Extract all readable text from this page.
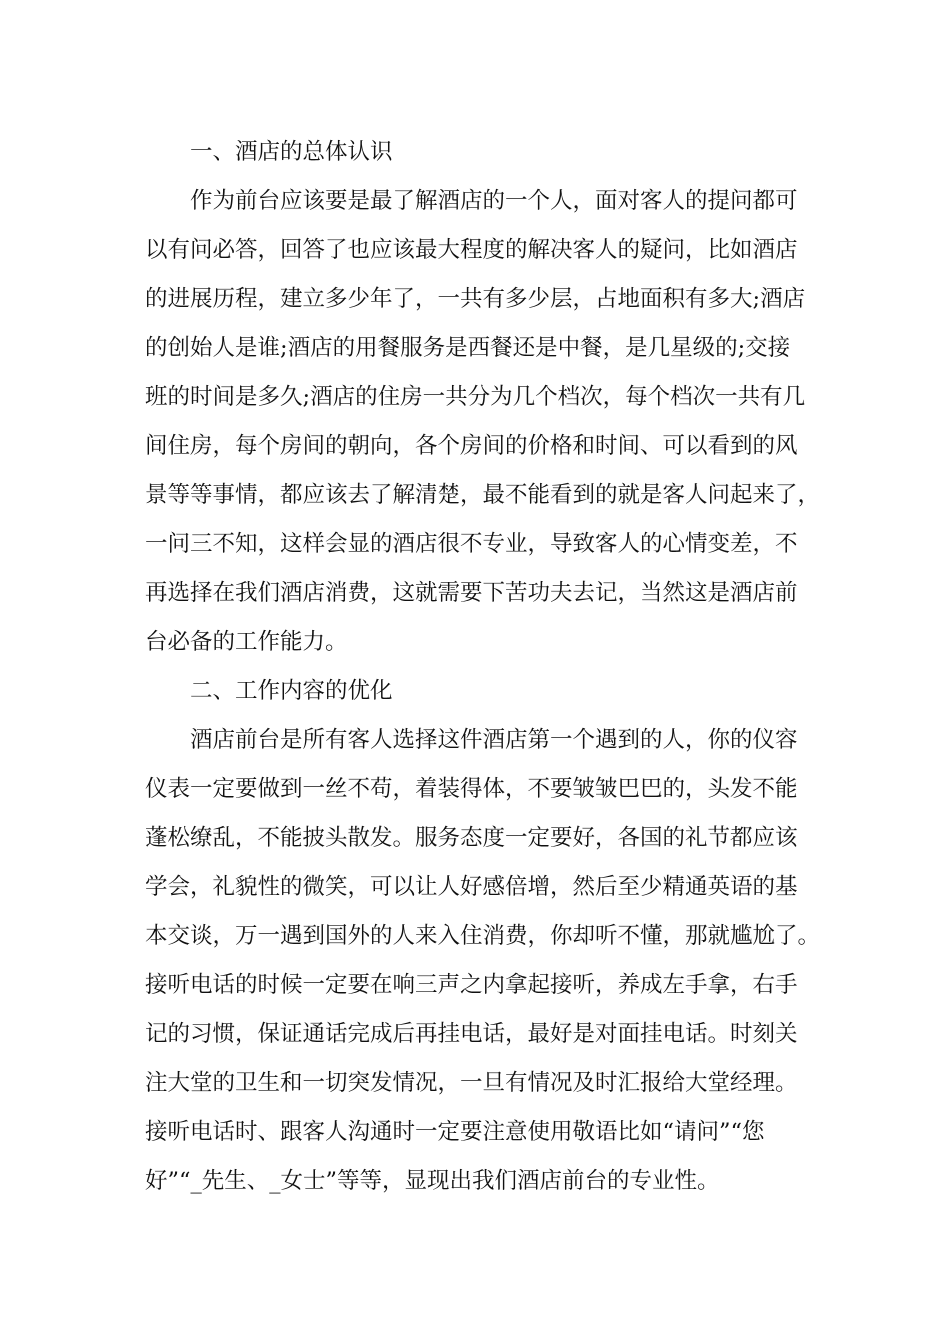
一、酒店的总体认识
作为前台应该要是最了解酒店的一个人，面对客人的提问都可
以有问必答，回答了也应该最大程度的解决客人的疑问，比如酒店
的进展历程，建立多少年了，一共有多少层，占地面积有多大;酒店
的创始人是谁;酒店的用餐服务是西餐还是中餐，是几星级的;交接
班的时间是多久;酒店的住房一共分为几个档次，每个档次一共有几
间住房，每个房间的朝向，各个房间的价格和时间、可以看到的风
景等等事情，都应该去了解清楚，最不能看到的就是客人问起来了，
一问三不知，这样会显的酒店很不专业，导致客人的心情变差，不
再选择在我们酒店消费，这就需要下苦功夫去记，当然这是酒店前
台必备的工作能力。
二、工作内容的优化
酒店前台是所有客人选择这件酒店第一个遇到的人，你的仪容
仪表一定要做到一丝不苟，着装得体，不要皱皱巴巴的，头发不能
蓬松缭乱，不能披头散发。服务态度一定要好，各国的礼节都应该
学会，礼貌性的微笑，可以让人好感倍增，然后至少精通英语的基
本交谈，万一遇到国外的人来入住消费，你却听不懂，那就尴尬了。
接听电话的时候一定要在响三声之内拿起接听，养成左手拿，右手
记的习惯，保证通话完成后再挂电话，最好是对面挂电话。时刻关
注大堂的卫生和一切突发情况，一旦有情况及时汇报给大堂经理。
接听电话时、跟客人沟通时一定要注意使用敬语比如“请问”“您
好”“_先生、_女士”等等，显现出我们酒店前台的专业性。
